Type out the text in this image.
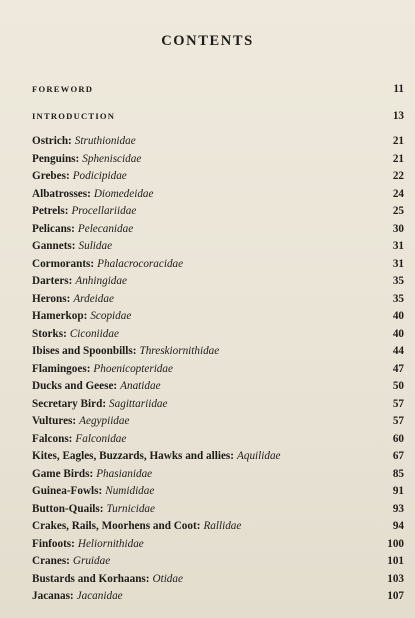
CONTENTS
FOREWORD	11
INTRODUCTION	13
Ostrich: Struthionidae	21
Penguins: Spheniscidae	21
Grebes: Podicipidae	22
Albatrosses: Diomedeidae	24
Petrels: Procellariidae	25
Pelicans: Pelecanidae	30
Gannets: Sulidae	31
Cormorants: Phalacrocoracidae	31
Darters: Anhingidae	35
Herons: Ardeidae	35
Hamerkop: Scopidae	40
Storks: Ciconiidae	40
Ibises and Spoonbills: Threskiornithidae	44
Flamingoes: Phoenicopteridae	47
Ducks and Geese: Anatidae	50
Secretary Bird: Sagittariidae	57
Vultures: Aegypiidae	57
Falcons: Falconidae	60
Kites, Eagles, Buzzards, Hawks and allies: Aquilidae	67
Game Birds: Phasianidae	85
Guinea-Fowls: Numididae	91
Button-Quails: Turnicidae	93
Crakes, Rails, Moorhens and Coot: Rallidae	94
Finfoots: Heliornithidae	100
Cranes: Gruidae	101
Bustards and Korhaans: Otidae	103
Jacanas: Jacanidae	107
